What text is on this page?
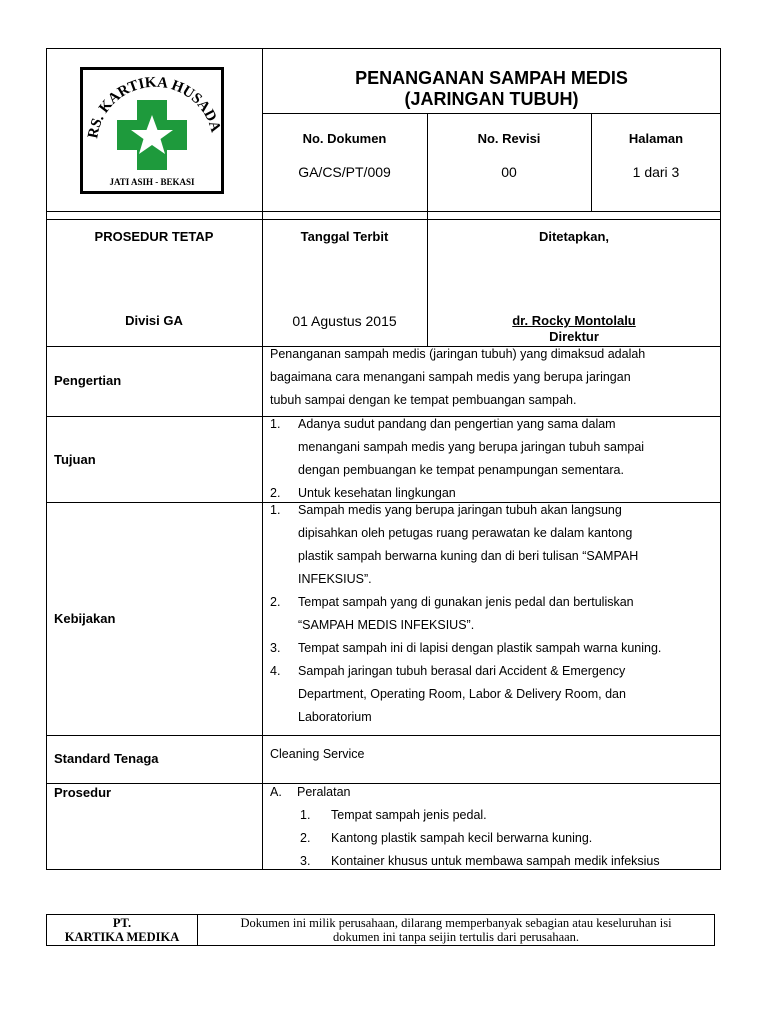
RS. KARTIKA HUSAD
JATI ASIH - BEKASI
PENANGANAN SAMPAH MEDIS
(JARINGAN TUBUH)
No. Dokumen
GA/CS/PT/009
No. Revisi
00
Halaman
1 dari 3
PROSEDUR TETAP
Divisi GA
Tanggal Terbit
01 Agustus 2015
Ditetapkan,
dr. Rocky Montolalu
Direktur
Pengertian
Penanganan sampah medis (jaringan tubuh) yang dimaksud adalah
bagaimana cara menangani sampah medis yang berupa jaringan
tubuh sampai dengan ke tempat pembuangan sampah.
Tujuan
1. Adanya sudut pandang dan pengertian yang sama dalam
menangani sampah medis yang berupa jaringan tubuh sampai
dengan pembuangan ke tempat penampungan sementara.
2. Untuk kesehatan lingkungan
Kebijakan
1. Sampah medis yang berupa jaringan tubuh akan langsung
dipisahkan oleh petugas ruang perawatan ke dalam kantong
plastik sampah berwarna kuning dan di beri tulisan “SAMPAH
INFEKSIUS”.
2. Tempat sampah yang di gunakan jenis pedal dan bertuliskan
“SAMPAH MEDIS INFEKSIUS”.
3. Tempat sampah ini di lapisi dengan plastik sampah warna kuning.
4. Sampah jaringan tubuh berasal dari Accident & Emergency
Department, Operating Room, Labor & Delivery Room, dan
Laboratorium
Standard Tenaga	Cleaning Service
Prosedur	A. Peralatan
1. Tempat sampah jenis pedal.
2. Kantong plastik sampah kecil berwarna kuning.
3. Kontainer khusus untuk membawa sampah medik infeksius
PT.
KARTIKA MEDIKA
Dokumen ini milik perusahaan, dilarang memperbanyak sebagian atau keseluruhan isi
dokumen ini tanpa seijin tertulis dari perusahaan.
